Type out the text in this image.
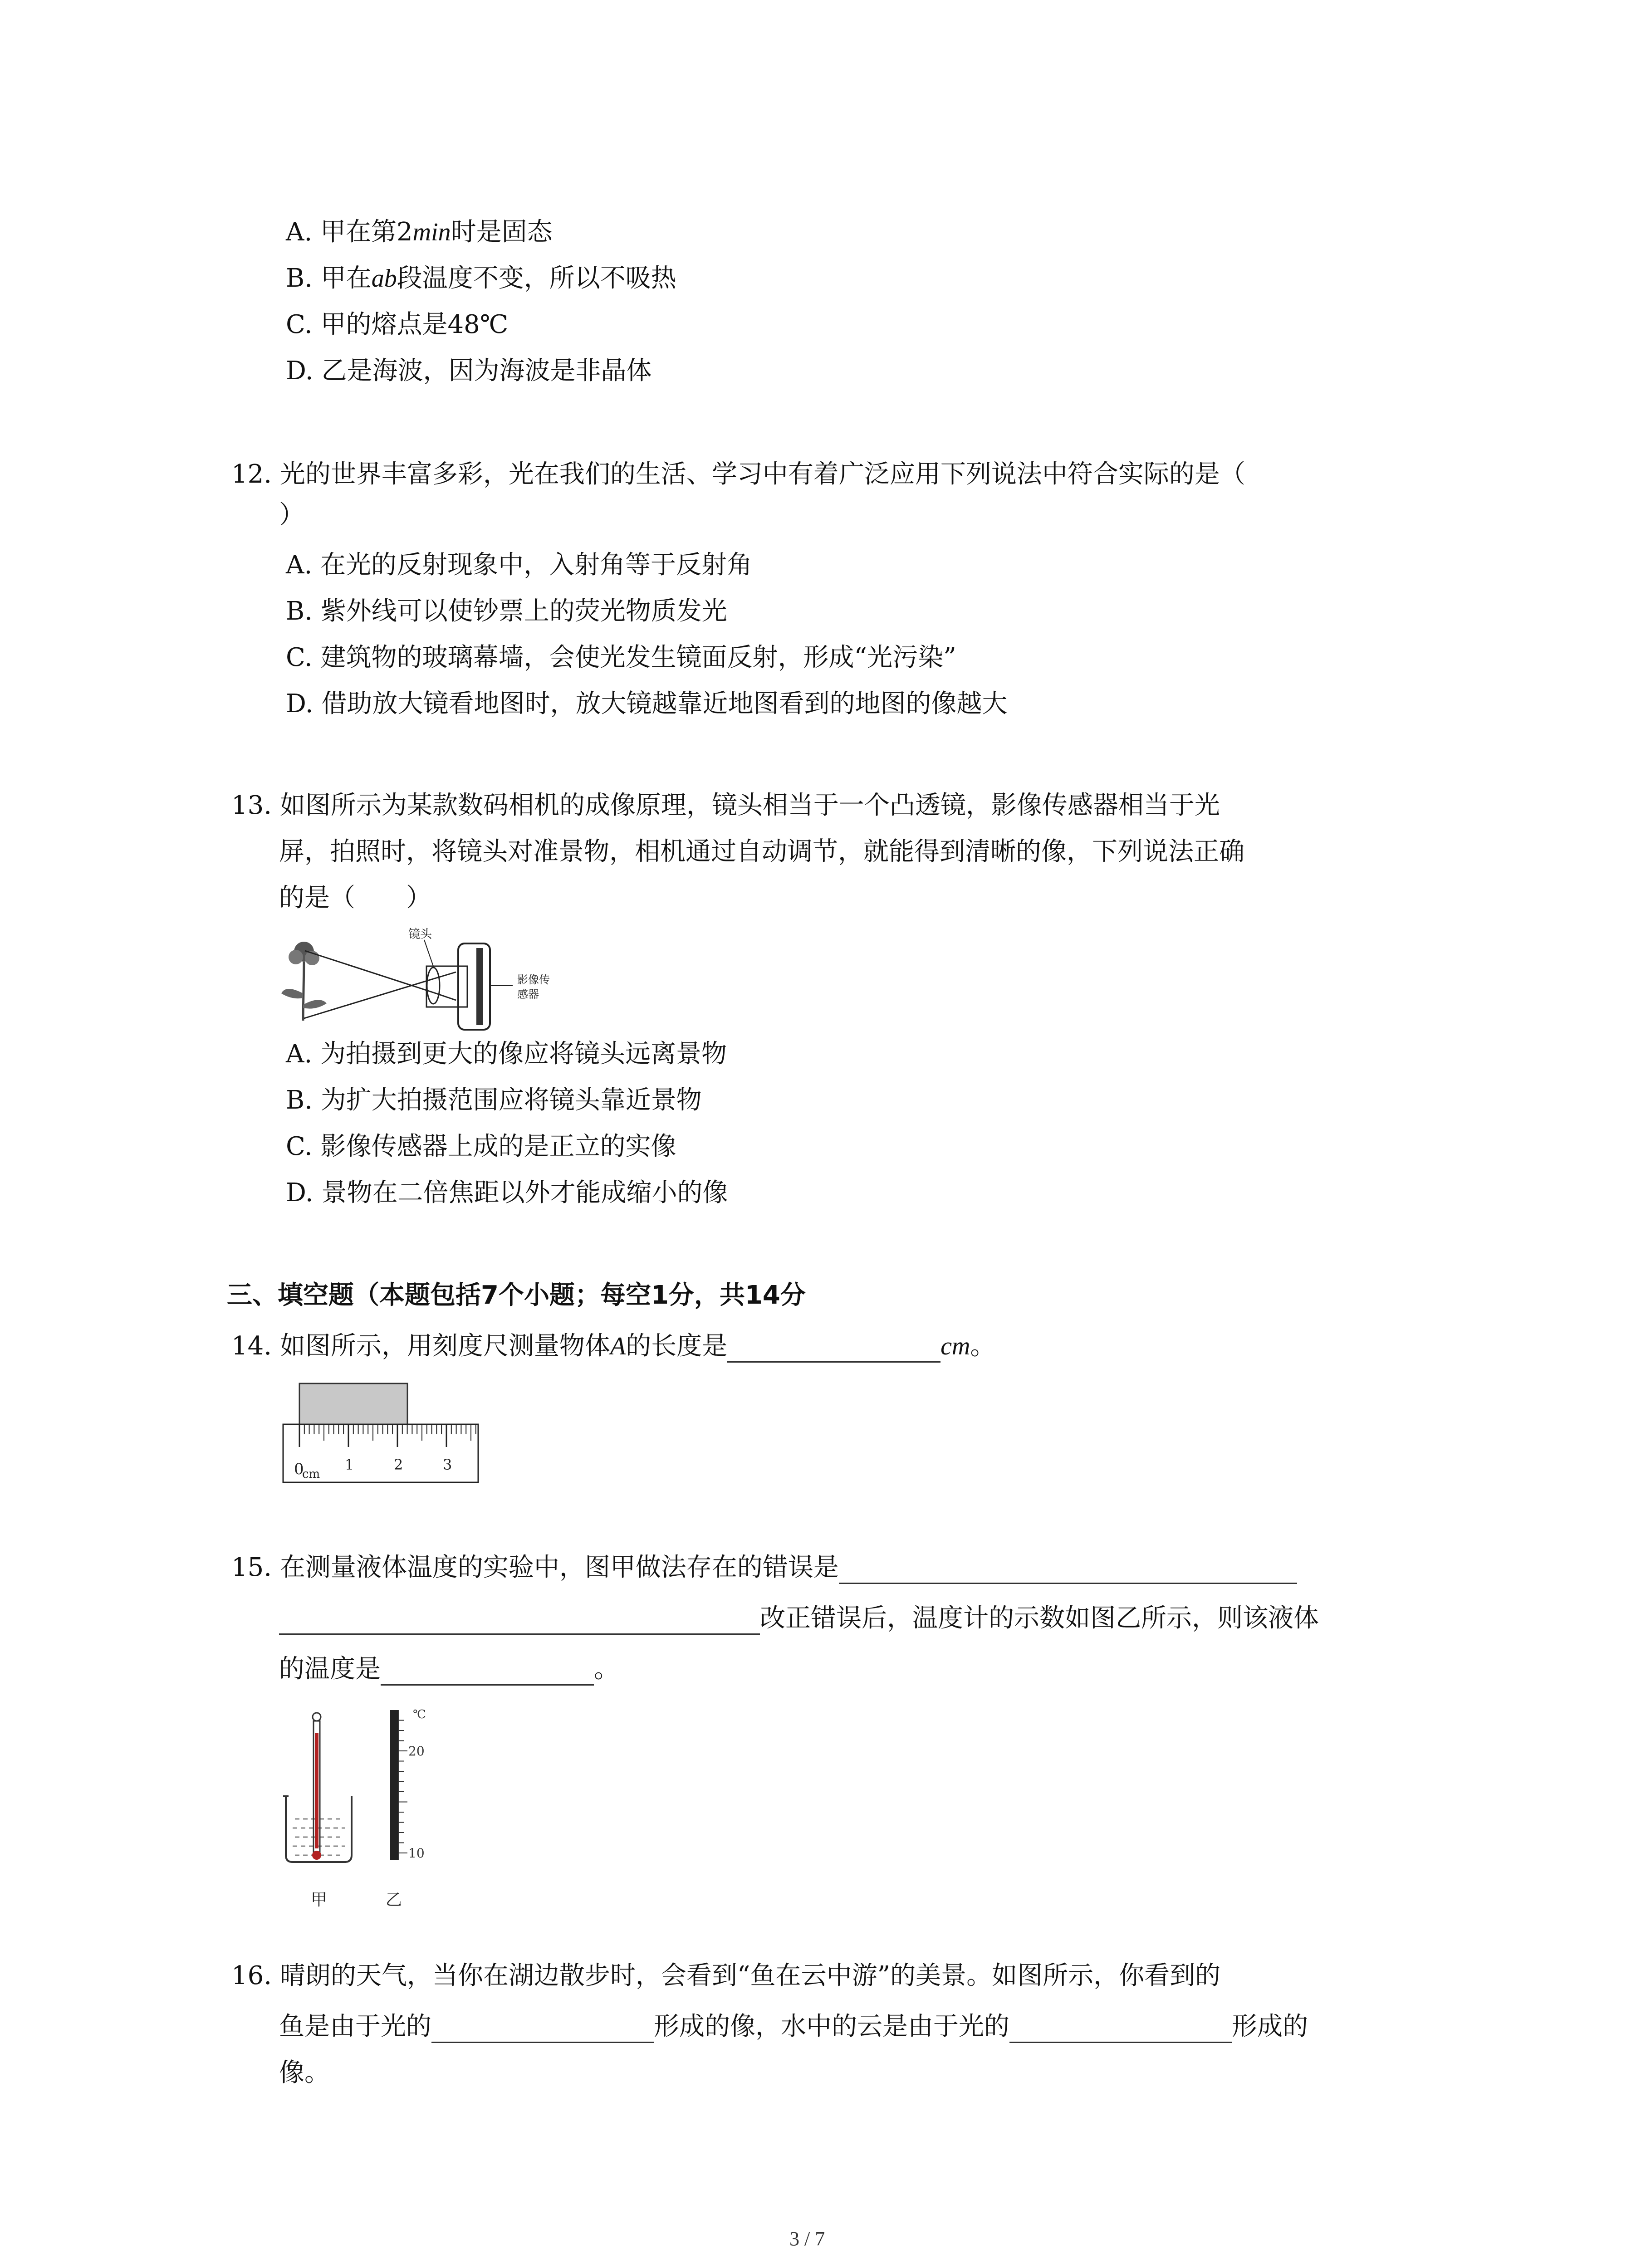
A. 甲在第2min时是固态
B. 甲在ab段温度不变，所以不吸热
C. 甲的熔点是48℃
D. 乙是海波，因为海波是非晶体
12. 光的世界丰富多彩，光在我们的生活、学习中有着广泛应用下列说法中符合实际的是（
）
A. 在光的反射现象中，入射角等于反射角
B. 紫外线可以使钞票上的荧光物质发光
C. 建筑物的玻璃幕墙，会使光发生镜面反射，形成“光污染”
D. 借助放大镜看地图时，放大镜越靠近地图看到的地图的像越大
13. 如图所示为某款数码相机的成像原理，镜头相当于一个凸透镜，影像传感器相当于光
屏，拍照时，将镜头对准景物，相机通过自动调节，就能得到清晰的像，下列说法正确
的是（　　）
镜头
影像传
感器
A. 为拍摄到更大的像应将镜头远离景物
B. 为扩大拍摄范围应将镜头靠近景物
C. 影像传感器上成的是正立的实像
D. 景物在二倍焦距以外才能成缩小的像
三、填空题（本题包括7个小题；每空1分，共14分
14. 如图所示，用刻度尺测量物体A的长度是	cm。
0
cm
1	2	3
15. 在测量液体温度的实验中，图甲做法存在的错误是
改正错误后，温度计的示数如图乙所示，则该液体
的温度是	。
℃
20
10
甲	乙
16. 晴朗的天气，当你在湖边散步时，会看到“鱼在云中游”的美景。如图所示，你看到的
鱼是由于光的	形成的像，水中的云是由于光的	形成的
像。
3 / 7
